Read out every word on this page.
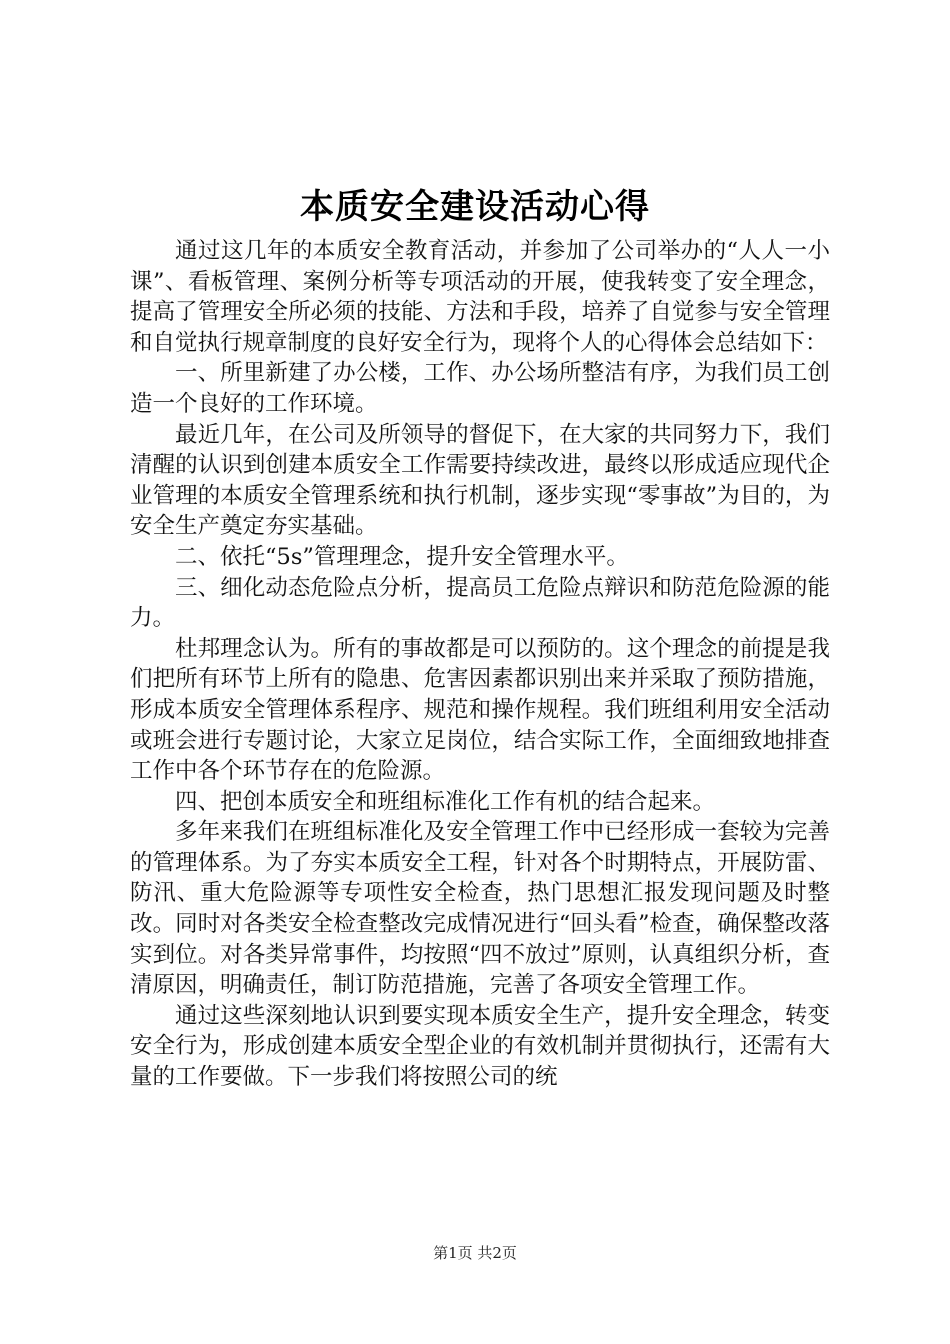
本质安全建设活动心得

通过这几年的本质安全教育活动，并参加了公司举办的“人人一小课”、看板管理、案例分析等专项活动的开展，使我转变了安全理念，提高了管理安全所必须的技能、方法和手段，培养了自觉参与安全管理和自觉执行规章制度的良好安全行为，现将个人的心得体会总结如下：

一、所里新建了办公楼，工作、办公场所整洁有序，为我们员工创造一个良好的工作环境。

最近几年，在公司及所领导的督促下，在大家的共同努力下，我们清醒的认识到创建本质安全工作需要持续改进，最终以形成适应现代企业管理的本质安全管理系统和执行机制，逐步实现“零事故”为目的，为安全生产奠定夯实基础。

二、依托“5s”管理理念，提升安全管理水平。

三、细化动态危险点分析，提高员工危险点辩识和防范危险源的能力。

杜邦理念认为。所有的事故都是可以预防的。这个理念的前提是我们把所有环节上所有的隐患、危害因素都识别出来并采取了预防措施，形成本质安全管理体系程序、规范和操作规程。我们班组利用安全活动或班会进行专题讨论，大家立足岗位，结合实际工作，全面细致地排查工作中各个环节存在的危险源。

四、把创本质安全和班组标准化工作有机的结合起来。

多年来我们在班组标准化及安全管理工作中已经形成一套较为完善的管理体系。为了夯实本质安全工程，针对各个时期特点，开展防雷、防汛、重大危险源等专项性安全检查，热门思想汇报发现问题及时整改。同时对各类安全检查整改完成情况进行“回头看”检查，确保整改落实到位。对各类异常事件，均按照“四不放过”原则，认真组织分析，查清原因，明确责任，制订防范措施，完善了各项安全管理工作。

通过这些深刻地认识到要实现本质安全生产，提升安全理念，转变安全行为，形成创建本质安全型企业的有效机制并贯彻执行，还需有大量的工作要做。下一步我们将按照公司的统

第1页 共2页
